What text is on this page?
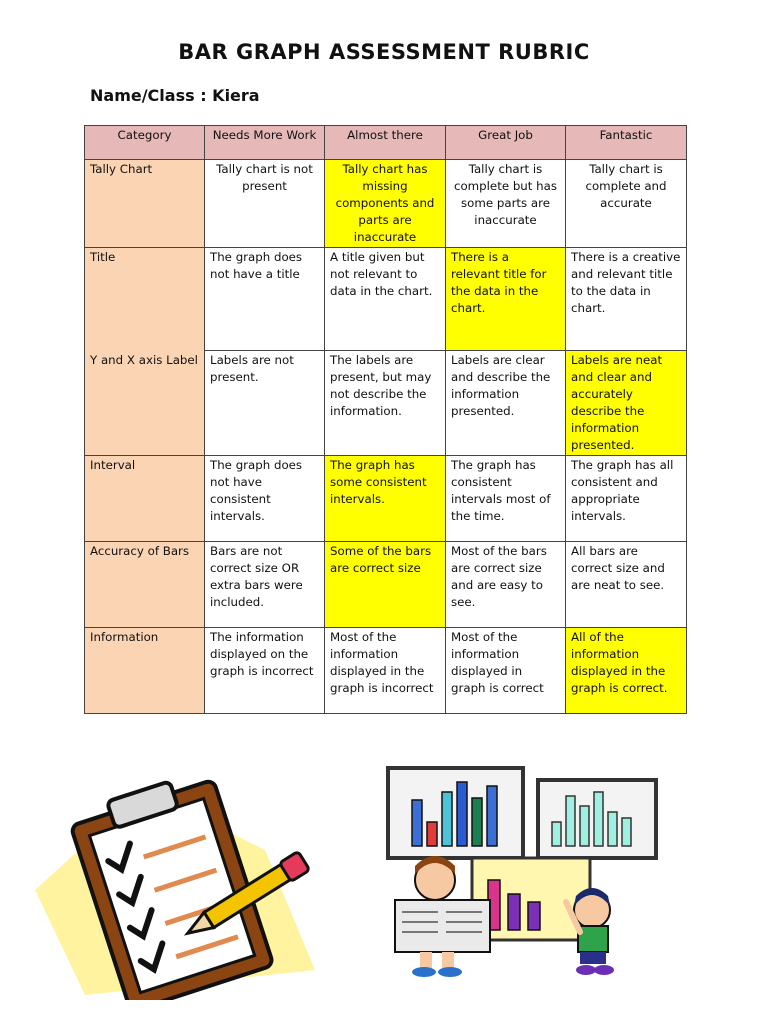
BAR GRAPH ASSESSMENT RUBRIC
Name/Class : Kiera
Category	Needs More Work	Almost there	Great Job	Fantastic
Tally Chart	Tally chart is not present	Tally chart has missing components and parts are inaccurate	Tally chart is complete but has some parts are inaccurate	Tally chart is complete and accurate
Title	The graph does not have a title	A title given but not relevant to data in the chart.	There is a relevant title for the data in the chart.	There is a creative and relevant title to the data in chart.
Y and X axis Label	Labels are not present.	The labels are present, but may not describe the information.	Labels are clear and describe the information presented.	Labels are neat and clear and accurately describe the information presented.
Interval	The graph does not have consistent intervals.	The graph has some consistent intervals.	The graph has consistent intervals most of the time.	The graph has all consistent and appropriate intervals.
Accuracy of Bars	Bars are not correct size OR extra bars were included.	Some of the bars are correct size	Most of the bars are correct size and are easy to see.	All bars are correct size and are neat to see.
Information	The information displayed on the graph is incorrect	Most of the information displayed in the graph is incorrect	Most of the information displayed in graph is correct	All of the information displayed in the graph is correct.
